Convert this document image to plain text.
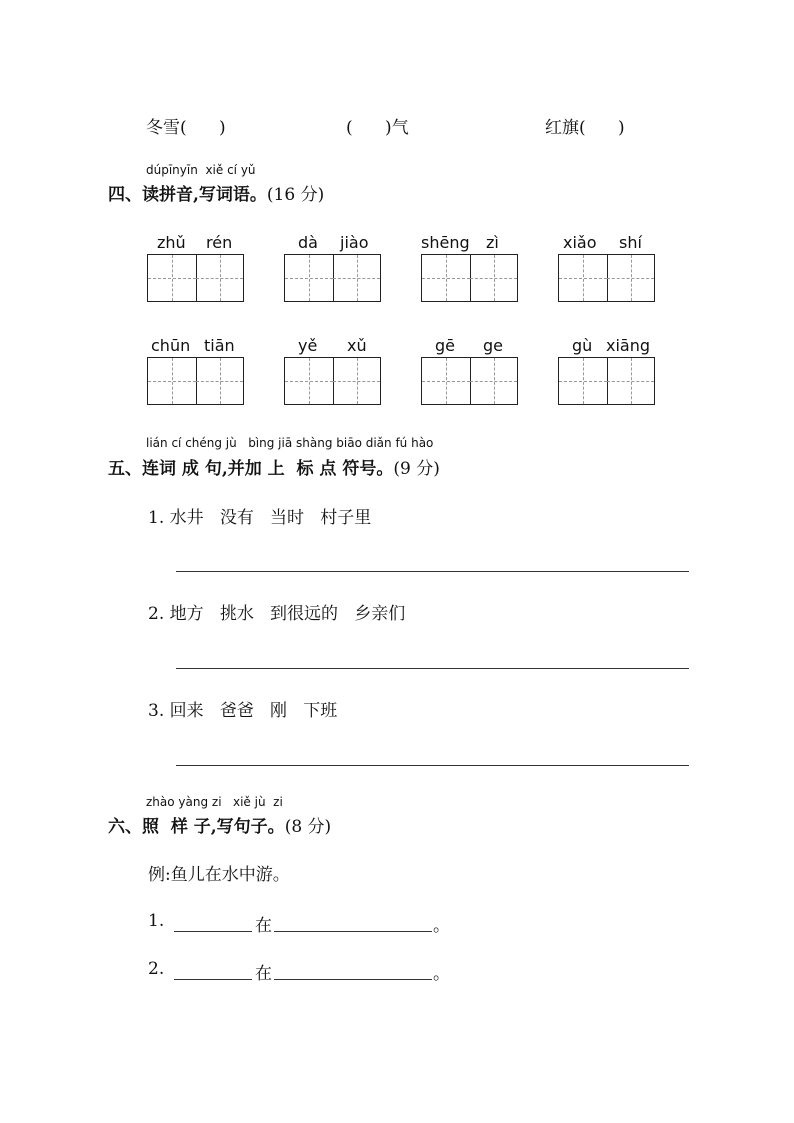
冬雪(      )	(      )气	红旗(      )
dúpīnyīn  xiě cí yǔ
四、读拼音,写词语。(16 分)
zhǔ rén	dà jiào	shēng zì	xiǎo shí
chūn tiān	yě xǔ	gē ge	gù xiāng
lián cí chéng jù   bìng jiā shàng biāo diǎn fú hào
五、连词 成 句,并加 上  标 点 符号。(9 分)
1. 水井   没有   当时   村子里
2. 地方   挑水   到很远的   乡亲们
3. 回来   爸爸   刚   下班
zhào yàng zi   xiě jù  zi
六、照  样 子,写句子。(8 分)
例:鱼儿在水中游。
1.	在	。
2.	在	。
